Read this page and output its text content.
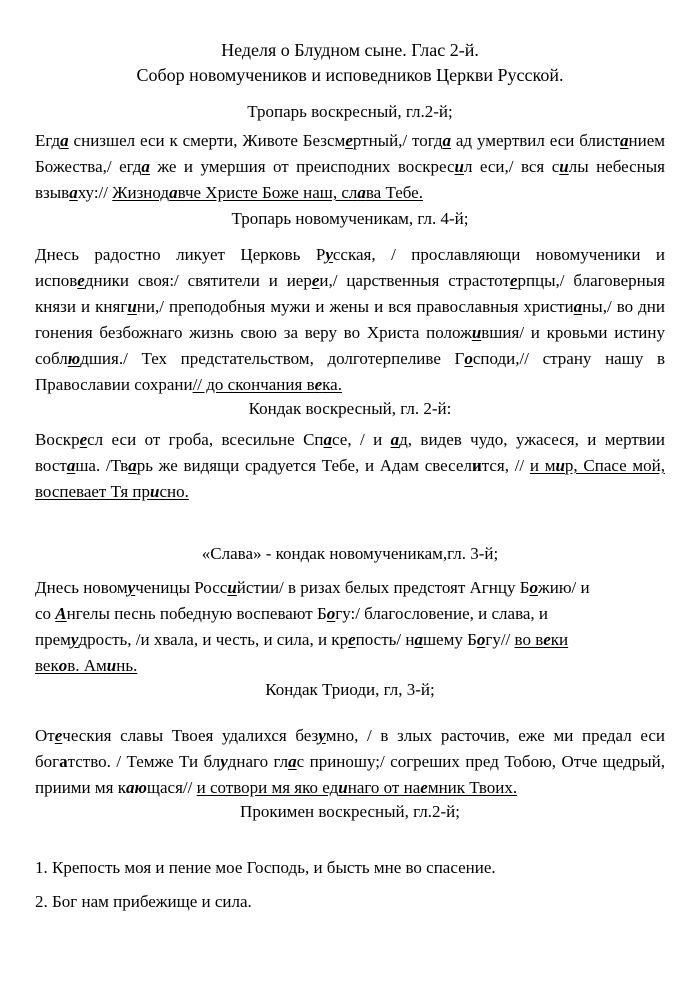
Неделя о Блудном сыне. Глас 2-й.
Собор новомучеников и исповедников Церкви Русской.
Тропарь воскресный, гл.2-й;

Егда снизшел еси к смерти, Животе Безсмертный,/ тогда ад умертвил еси блистанием Божества,/ егда же и умершия от преисподних воскресил еси,/ вся силы небесныя взываху:// Жизнодавче Христе Боже наш, слава Тебе.

Тропарь новомученикам, гл. 4-й;

Днесь радостно ликует Церковь Русская, / прославляющи новомученики и исповедники своя:/ святители и иереи,/ царственныя страстотерпцы,/ благоверныя князи и княгини,/ преподобныя мужи и жены и вся православныя христианы,/ во дни гонения безбожнаго жизнь свою за веру во Христа положившия/ и кровьми истину соблюдшия./ Тех предстательством, долготерпеливе Господи,// страну нашу в Православии сохрани// до скончания века.

Кондак воскресный, гл. 2-й:

Воскресл еси от гроба, всесильне Спасе, / и ад, видев чудо, ужасеся, и мертвии восташа. /Тварь же видящи срадуется Тебе, и Адам свеселится, // и мир, Спасе мой, воспевает Тя присно.

«Слава» - кондак новомученикам,гл. 3-й;

Днесь новомученицы Российстии/ в ризах белых предстоят Агнцу Божию/ и
со Ангелы песнь победную воспевают Богу:/ благословение, и слава, и
премудрость, /и хвала, и честь, и сила, и крепость/ нашему Богу// во веки
веков. Аминь.

Кондак Триоди, гл, 3-й;

Отеческия славы Твоея удалихся безумно, / в злых расточив, еже ми предал еси богатство. / Темже Ти блуднаго глас приношу;/ согреших пред Тобою, Отче щедрый, приими мя кающася// и сотвори мя яко единаго от наемник Твоих.

Прокимен воскресный, гл.2-й;

1. Крепость моя и пение мое Господь, и бысть мне во спасение.

2. Бог нам прибежище и сила.
